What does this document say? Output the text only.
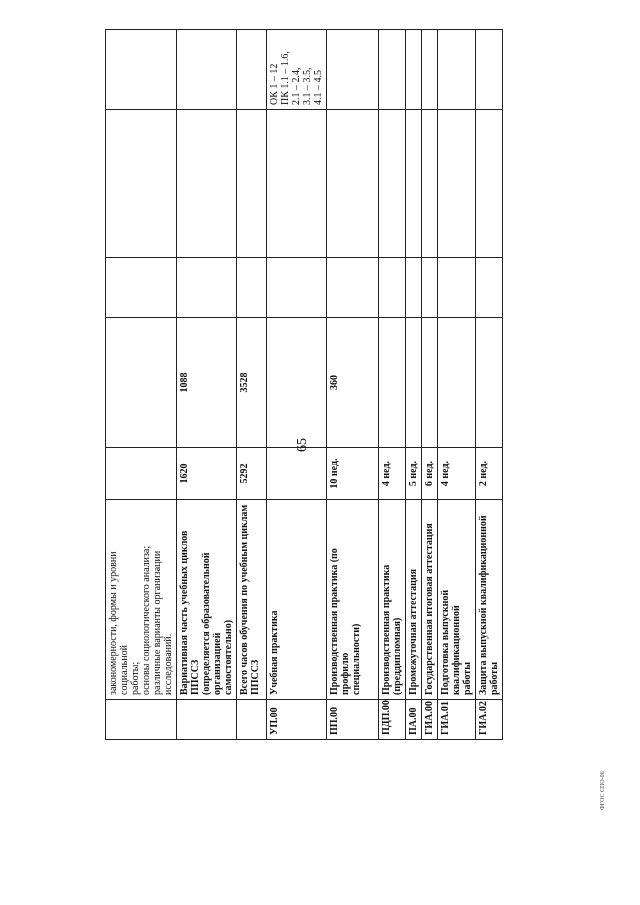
	закономерности, формы и уровни социальной работы; основы социологического анализа; различные варианты организации исследований.					

	Вариативная часть учебных циклов ППССЗ (определяется образовательной организацией самостоятельно)	1620	1088			

	Всего часов обучения по учебным циклам ППССЗ	5292	3528			
УП.00	Учебная практика					ОК 1 – 12
ПК 1.1 – 1.6,
2.1 – 2.4,
3.1 – 3.5,
4.1 – 4.5
ПП.00	Производственная практика (по профилю специальности)	10 нед.	360			
ПДП.00	Производственная практика (преддипломная)	4 нед.				
ПА.00	Промежуточная аттестация	5 нед.				
ГИА.00	Государственная итоговая аттестация	6 нед.				
ГИА.01	Подготовка выпускной квалификационной работы	4 нед.				
ГИА.02	Защита выпускной квалификационной работы	2 нед.				
65
ФГОС СПО-06
